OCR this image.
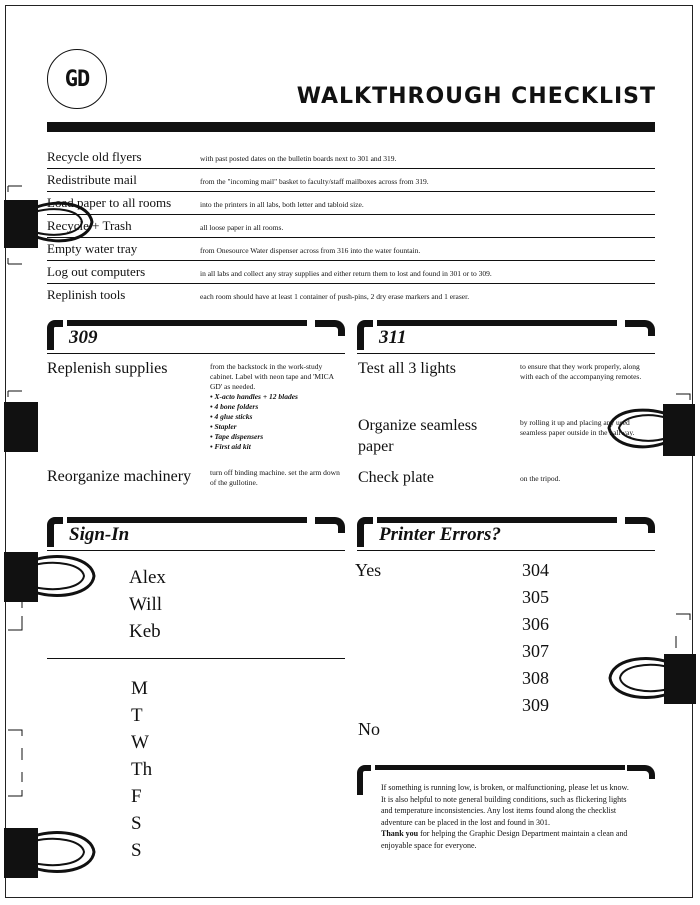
GD
WALKTHROUGH CHECKLIST
Recycle old flyers	with past posted dates on the bulletin boards next to 301 and 319.
Redistribute mail	from the "incoming mail" basket to faculty/staff mailboxes across from 319.
Load paper to all rooms	into the printers in all labs, both letter and tabloid size.
Recycle + Trash	all loose paper in all rooms.
Empty water tray	from Onesource Water dispenser across from 316 into the water fountain.
Log out computers	in all labs and collect any stray supplies and either return them to lost and found in 301 or to 309.
Replinish tools	each room should have at least 1 container of push-pins, 2 dry erase markers and 1 eraser.
309
Replenish supplies	from the backstock in the work-study cabinet. Label with neon tape and 'MICA GD' as needed.
• X-acto handles + 12 blades
• 4 bone folders
• 4 glue sticks
• Stapler
• Tape dispensers
• First aid kit
Reorganize machinery	turn off binding machine. set the arm down of the gullotine.
311
Test all 3 lights	to ensure that they work properly, along with each of the accompanying remotes.
Organize seamless
paper
by rolling it up and placing any used seamless paper outside in the hallway.
Check plate	on the tripod.
Sign-In
Alex
Will
Keb
M
T
W
Th
F
S
S
Printer Errors?
Yes	304
305
306
307
308
309
No
If something is running low, is broken, or malfunctioning, please let us know. It is also helpful to note general building conditions, such as flickering lights and temperature inconsistencies. Any lost items found along the checklist adventure can be placed in the lost and found in 301.
Thank you for helping the Graphic Design Department maintain a clean and enjoyable space for everyone.
